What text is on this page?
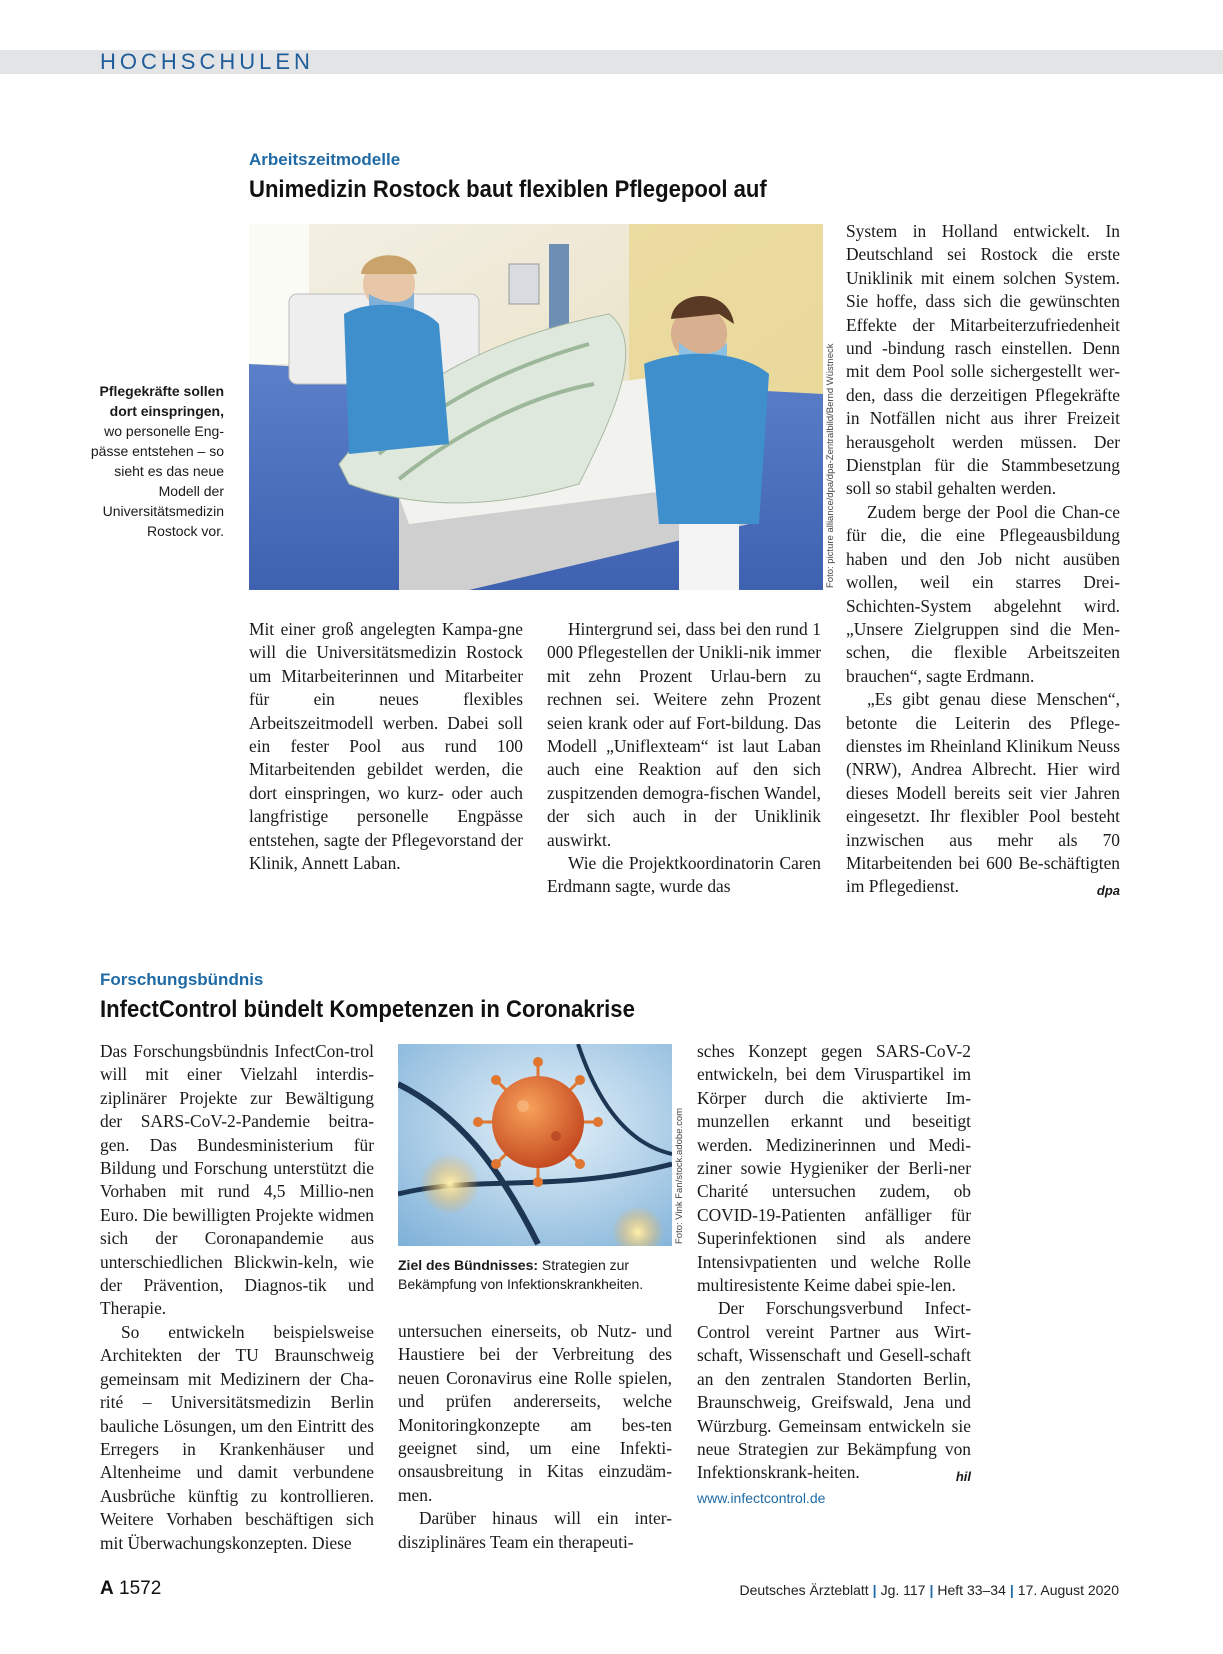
HOCHSCHULEN
Arbeitszeitmodelle
Unimedizin Rostock baut flexiblen Pflegepool auf
Pflegekräfte sollen dort einspringen, wo personelle Eng-pässe entstehen – so sieht es das neue Modell der Universitätsmedizin Rostock vor.	Foto: picture alliance/dpa/dpa-Zentralbild/Bernd Wüstneck

Mit einer groß angelegten Kampa-gne will die Universitätsmedizin Rostock um Mitarbeiterinnen und Mitarbeiter für ein neues flexibles Arbeitszeitmodell werben. Dabei soll ein fester Pool aus rund 100 Mitarbeitenden gebildet werden, die dort einspringen, wo kurz- oder auch langfristige personelle Engpässe entstehen, sagte der Pflegevorstand der Klinik, Annett Laban.

Hintergrund sei, dass bei den rund 1 000 Pflegestellen der Unikli-nik immer mit zehn Prozent Urlau-bern zu rechnen sei. Weitere zehn Prozent seien krank oder auf Fort-bildung. Das Modell „Uniflexteam“ ist laut Laban auch eine Reaktion auf den sich zuspitzenden demogra-fischen Wandel, der sich auch in der Uniklinik auswirkt.

Wie die Projektkoordinatorin Caren Erdmann sagte, wurde das

System in Holland entwickelt. In Deutschland sei Rostock die erste Uniklinik mit einem solchen System. Sie hoffe, dass sich die gewünschten Effekte der Mitarbeiterzufriedenheit und -bindung rasch einstellen. Denn mit dem Pool solle sichergestellt wer-den, dass die derzeitigen Pflegekräfte in Notfällen nicht aus ihrer Freizeit herausgeholt werden müssen. Der Dienstplan für die Stammbesetzung soll so stabil gehalten werden.

Zudem berge der Pool die Chan-ce für die, die eine Pflegeausbildung haben und den Job nicht ausüben wollen, weil ein starres Drei-Schichten-System abgelehnt wird. „Unsere Zielgruppen sind die Men-schen, die flexible Arbeitszeiten brauchen“, sagte Erdmann.

„Es gibt genau diese Menschen“, betonte die Leiterin des Pflege-dienstes im Rheinland Klinikum Neuss (NRW), Andrea Albrecht. Hier wird dieses Modell bereits seit vier Jahren eingesetzt. Ihr flexibler Pool besteht inzwischen aus mehr als 70 Mitarbeitenden bei 600 Be-schäftigten im Pflegedienst.	dpa

Forschungsbündnis
InfectControl bündelt Kompetenzen in Coronakrise

Das Forschungsbündnis InfectCon-trol will mit einer Vielzahl interdis-ziplinärer Projekte zur Bewältigung der SARS-CoV-2-Pandemie beitra-gen. Das Bundesministerium für Bildung und Forschung unterstützt die Vorhaben mit rund 4,5 Millio-nen Euro. Die bewilligten Projekte widmen sich der Coronapandemie aus unterschiedlichen Blickwin-keln, wie der Prävention, Diagnos-tik und Therapie.

So entwickeln beispielsweise Architekten der TU Braunschweig gemeinsam mit Medizinern der Cha-rité – Universitätsmedizin Berlin bauliche Lösungen, um den Eintritt des Erregers in Krankenhäuser und Altenheime und damit verbundene Ausbrüche künftig zu kontrollieren. Weitere Vorhaben beschäftigen sich mit Überwachungskonzepten. Diese

Foto: Vink Fan/stock.adobe.com
Ziel des Bündnisses: Strategien zur Bekämpfung von Infektionskrankheiten.

untersuchen einerseits, ob Nutz- und Haustiere bei der Verbreitung des neuen Coronavirus eine Rolle spielen, und prüfen andererseits, welche Monitoringkonzepte am bes-ten geeignet sind, um eine Infekti-onsausbreitung in Kitas einzudäm-men.

Darüber hinaus will ein inter-disziplinäres Team ein therapeuti-

sches Konzept gegen SARS-CoV-2 entwickeln, bei dem Viruspartikel im Körper durch die aktivierte Im-munzellen erkannt und beseitigt werden. Medizinerinnen und Medi-ziner sowie Hygieniker der Berli-ner Charité untersuchen zudem, ob COVID-19-Patienten anfälliger für Superinfektionen sind als andere Intensivpatienten und welche Rolle multiresistente Keime dabei spie-len.

Der Forschungsverbund Infect-Control vereint Partner aus Wirt-schaft, Wissenschaft und Gesell-schaft an den zentralen Standorten Berlin, Braunschweig, Greifswald, Jena und Würzburg. Gemeinsam entwickeln sie neue Strategien zur Bekämpfung von Infektionskrank-heiten.	hil

www.infectcontrol.de
A 1572	Deutsches Ärzteblatt | Jg. 117 | Heft 33–34 | 17. August 2020
